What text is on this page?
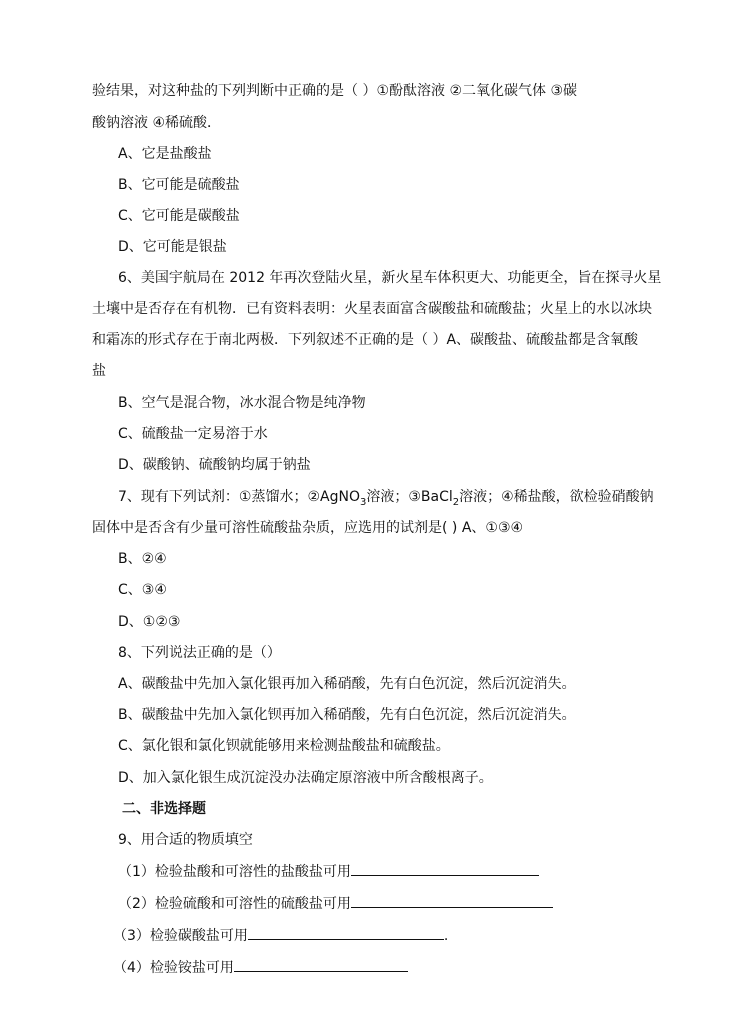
验结果，对这种盐的下列判断中正确的是（ ）①酚酞溶液 ②二氧化碳气体 ③碳
酸钠溶液 ④稀硫酸．
A、它是盐酸盐
B、它可能是硫酸盐
C、它可能是碳酸盐
D、它可能是银盐
6、美国宇航局在 2012 年再次登陆火星，新火星车体积更大、功能更全，旨在探寻火星
土壤中是否存在有机物．已有资料表明：火星表面富含碳酸盐和硫酸盐；火星上的水以冰块
和霜冻的形式存在于南北两极．下列叙述不正确的是（ ）A、碳酸盐、硫酸盐都是含氧酸
盐
B、空气是混合物，冰水混合物是纯净物
C、硫酸盐一定易溶于水
D、碳酸钠、硫酸钠均属于钠盐
7、现有下列试剂：①蒸馏水；②AgNO$_3$溶液；③BaCl$_2$溶液；④稀盐酸，欲检验硝酸钠
固体中是否含有少量可溶性硫酸盐杂质，应选用的试剂是( ) A、①③④
B、②④
C、③④
D、①②③
8、下列说法正确的是（）
A、碳酸盐中先加入氯化银再加入稀硝酸，先有白色沉淀，然后沉淀消失。
B、碳酸盐中先加入氯化钡再加入稀硝酸，先有白色沉淀，然后沉淀消失。
C、氯化银和氯化钡就能够用来检测盐酸盐和硫酸盐。
D、加入氯化银生成沉淀没办法确定原溶液中所含酸根离子。
二、非选择题
9、用合适的物质填空
（1）检验盐酸和可溶性的盐酸盐可用
（2）检验硫酸和可溶性的硫酸盐可用
（3）检验碳酸盐可用	.
（4）检验铵盐可用
